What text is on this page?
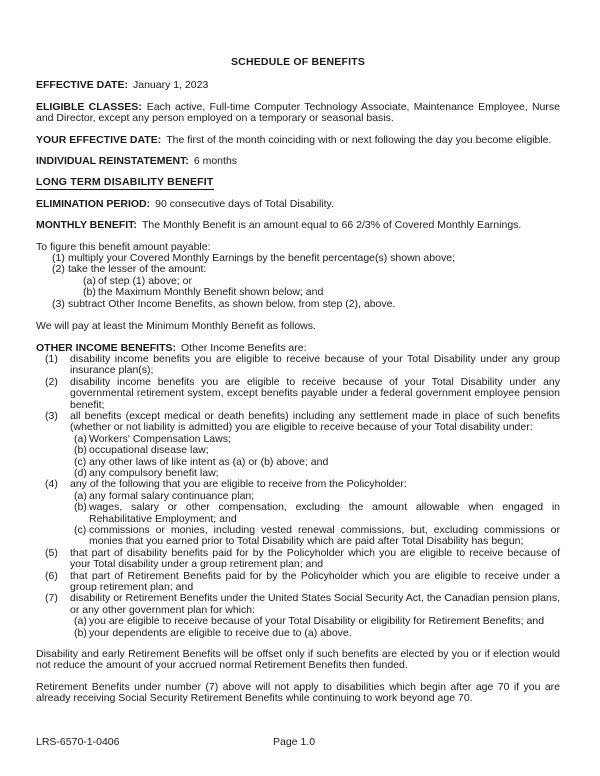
SCHEDULE OF BENEFITS

EFFECTIVE DATE: January 1, 2023

ELIGIBLE CLASSES: Each active, Full-time Computer Technology Associate, Maintenance Employee, Nurse and Director, except any person employed on a temporary or seasonal basis.

YOUR EFFECTIVE DATE: The first of the month coinciding with or next following the day you become eligible.

INDIVIDUAL REINSTATEMENT: 6 months

LONG TERM DISABILITY BENEFIT

ELIMINATION PERIOD: 90 consecutive days of Total Disability.

MONTHLY BENEFIT: The Monthly Benefit is an amount equal to 66 2/3% of Covered Monthly Earnings.

To figure this benefit amount payable:

(1) multiply your Covered Monthly Earnings by the benefit percentage(s) shown above;
(2) take the lesser of the amount:
(a) of step (1) above; or
(b) the Maximum Monthly Benefit shown below; and
(3) subtract Other Income Benefits, as shown below, from step (2), above.

We will pay at least the Minimum Monthly Benefit as follows.

OTHER INCOME BENEFITS: Other Income Benefits are:

(1)	disability income benefits you are eligible to receive because of your Total Disability under any group insurance plan(s);
(2)	disability income benefits you are eligible to receive because of your Total Disability under any governmental retirement system, except benefits payable under a federal government employee pension benefit;
(3)	all benefits (except medical or death benefits) including any settlement made in place of such benefits (whether or not liability is admitted) you are eligible to receive because of your Total disability under:
(a) Workers' Compensation Laws;
(b) occupational disease law;
(c) any other laws of like intent as (a) or (b) above; and
(d) any compulsory benefit law;
(4)	any of the following that you are eligible to receive from the Policyholder:
(a) any formal salary continuance plan;
(b) wages, salary or other compensation, excluding the amount allowable when engaged in Rehabilitative Employment; and
(c) commissions or monies, including vested renewal commissions, but, excluding commissions or monies that you earned prior to Total Disability which are paid after Total Disability has begun;
(5)	that part of disability benefits paid for by the Policyholder which you are eligible to receive because of your Total disability under a group retirement plan; and
(6)	that part of Retirement Benefits paid for by the Policyholder which you are eligible to receive under a group retirement plan; and
(7)	disability or Retirement Benefits under the United States Social Security Act, the Canadian pension plans, or any other government plan for which:
(a) you are eligible to receive because of your Total Disability or eligibility for Retirement Benefits; and
(b) your dependents are eligible to receive due to (a) above.

Disability and early Retirement Benefits will be offset only if such benefits are elected by you or if election would not reduce the amount of your accrued normal Retirement Benefits then funded.

Retirement Benefits under number (7) above will not apply to disabilities which begin after age 70 if you are already receiving Social Security Retirement Benefits while continuing to work beyond age 70.

LRS-6570-1-0406	Page 1.0
